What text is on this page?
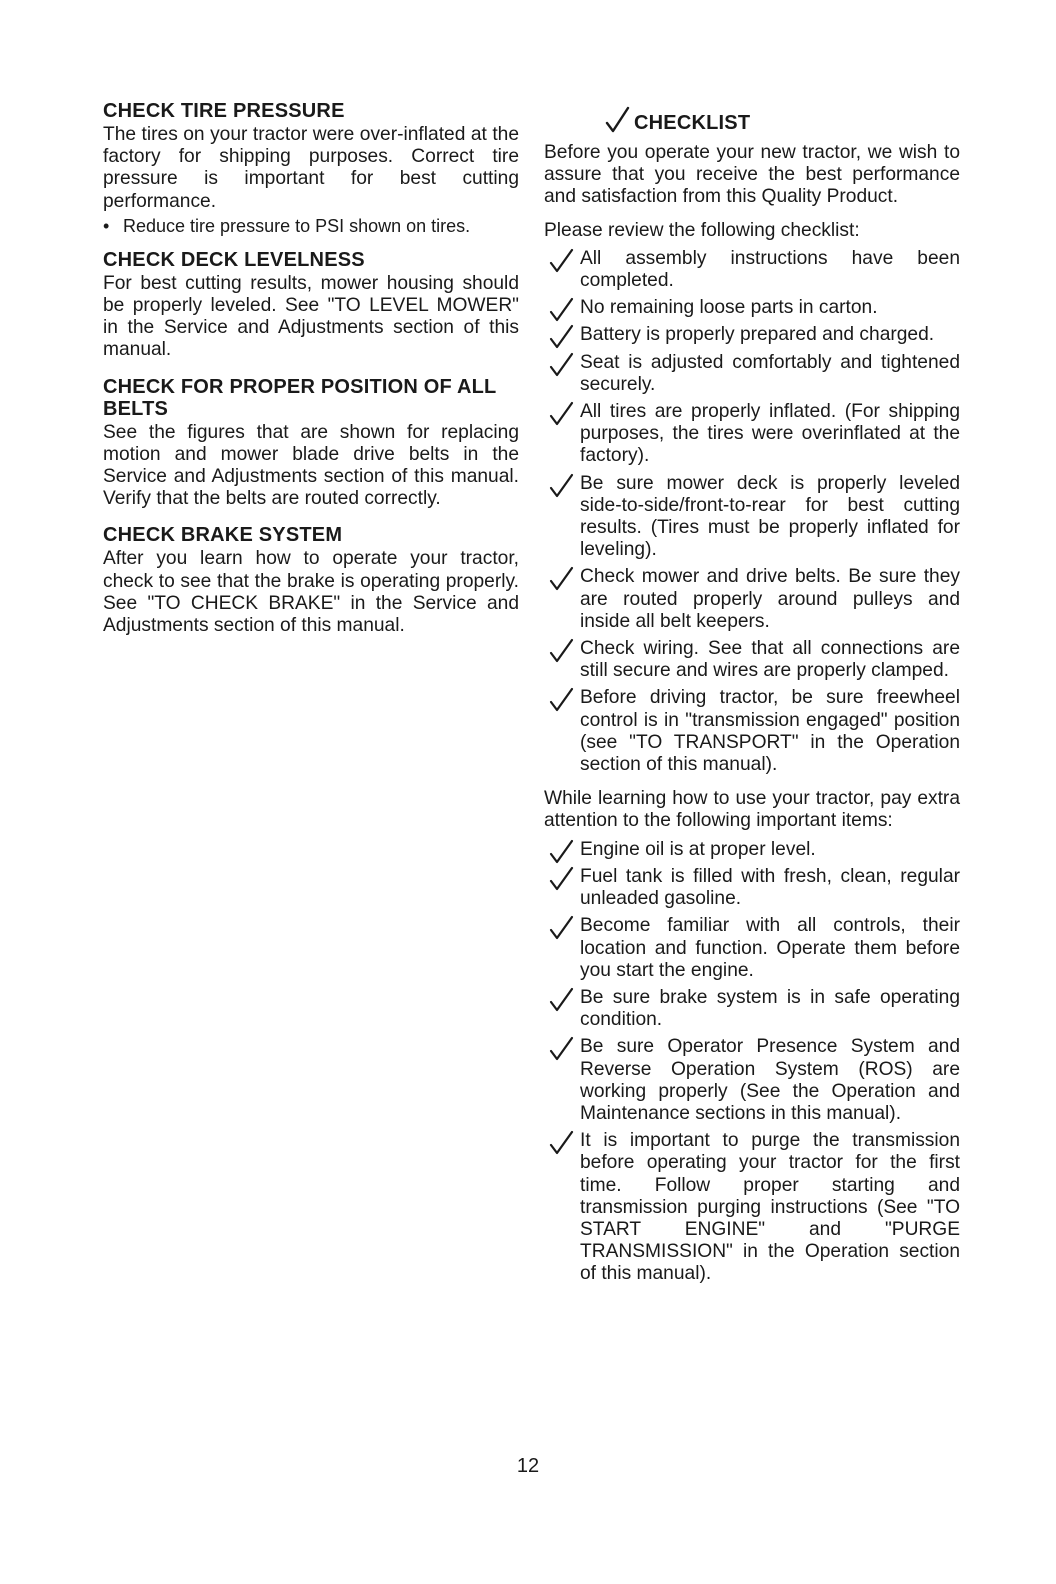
CHECK TIRE PRESSURE

The tires on your tractor were over-inflated at the factory for shipping purposes. Correct tire pressure is important for best cutting performance.

• Reduce tire pressure to PSI shown on tires.
CHECK DECK LEVELNESS

For best cutting results, mower housing should be properly leveled. See "TO LEVEL MOWER" in the Service and Adjustments section of this manual.

CHECK FOR PROPER POSITION OF ALL BELTS

See the figures that are shown for replacing motion and mower blade drive belts in the Service and Adjustments section of this manual. Verify that the belts are routed correctly.

CHECK BRAKE SYSTEM

After you learn how to operate your tractor, check to see that the brake is operating properly. See "TO CHECK BRAKE" in the Service and Adjustments section of this manual.

CHECKLIST

Before you operate your new tractor, we wish to assure that you receive the best performance and satisfaction from this Quality Product.

Please review the following checklist:

All assembly instructions have been completed.
No remaining loose parts in carton.
Battery is properly prepared and charged.
Seat is adjusted comfortably and tightened securely.
All tires are properly inflated. (For shipping purposes, the tires were overinflated at the factory).
Be sure mower deck is properly leveled side-to-side/front-to-rear for best cutting results. (Tires must be properly inflated for leveling).
Check mower and drive belts. Be sure they are routed properly around pulleys and inside all belt keepers.
Check wiring. See that all connections are still secure and wires are properly clamped.
Before driving tractor, be sure freewheel control is in "transmission engaged" position (see "TO TRANSPORT" in the Operation section of this manual).

While learning how to use your tractor, pay extra attention to the following important items:

Engine oil is at proper level.
Fuel tank is filled with fresh, clean, regular unleaded gasoline.
Become familiar with all controls, their location and function. Operate them before you start the engine.
Be sure brake system is in safe operating condition.
Be sure Operator Presence System and Reverse Operation System (ROS) are working properly (See the Operation and Maintenance sections in this manual).
It is important to purge the transmission before operating your tractor for the first time. Follow proper starting and transmission purging instructions (See "TO START ENGINE" and "PURGE TRANSMISSION" in the Operation section of this manual).
12
